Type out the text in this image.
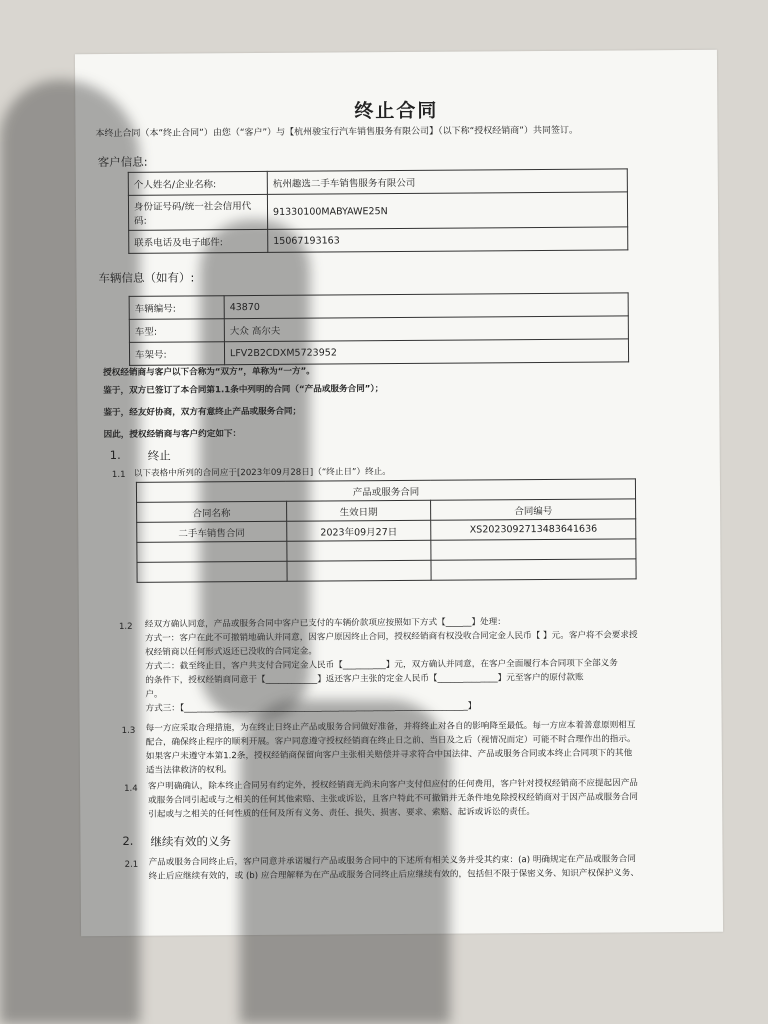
终止合同
本终止合同（本“终止合同”）由您（“客户”）与【杭州骏宝行汽车销售服务有限公司】（以下称“授权经销商”）共同签订。
客户信息:
个人姓名/企业名称:	杭州趣选二手车销售服务有限公司
身份证号码/统一社会信用代码:	91330100MABYAWE25N
联系电话及电子邮件:	15067193163
车辆信息（如有）:
车辆编号:	43870
车型:	大众 高尔夫
车架号:	LFV2B2CDXM5723952
授权经销商与客户以下合称为“双方”，单称为“一方”。
鉴于，双方已签订了本合同第1.1条中列明的合同（“产品或服务合同”）；
鉴于，经友好协商，双方有意终止产品或服务合同；
因此，授权经销商与客户约定如下：
1. 终止
1.1 以下表格中所列的合同应于[2023年09月28日]（“终止日”）终止。
产品或服务合同		
合同名称	生效日期	合同编号
二手车销售合同	2023年09月27日	XS2023092713483641636

1.2 经双方确认同意，产品或服务合同中客户已支付的车辆价款项应按照如下方式【______】处理：
方式一：客户在此不可撤销地确认并同意，因客户原因终止合同，授权经销商有权没收合同定金人民币【 】元。客户将不会要求授
权经销商以任何形式返还已没收的合同定金。
方式二：截至终止日，客户共支付合同定金人民币【__________】元，双方确认并同意，在客户全面履行本合同项下全部义务
的条件下，授权经销商同意于【____________】返还客户主张的定金人民币【______________】元至客户的原付款账
户。
方式三：【__________________________________________________________________】
1.3 每一方应采取合理措施，为在终止日终止产品或服务合同做好准备，并将终止对各自的影响降至最低。每一方应本着善意原则相互
配合，确保终止程序的顺利开展。客户同意遵守授权经销商在终止日之前、当日及之后（视情况而定）可能不时合理作出的指示。
如果客户未遵守本第1.2条，授权经销商保留向客户主张相关赔偿并寻求符合中国法律、产品或服务合同或本终止合同项下的其他
适当法律救济的权利。
1.4 客户明确确认，除本终止合同另有约定外，授权经销商无尚未向客户支付但应付的任何费用，客户针对授权经销商不应提起因产品
或服务合同引起或与之相关的任何其他索赔、主张或诉讼，且客户特此不可撤销并无条件地免除授权经销商对于因产品或服务合同
引起或与之相关的任何性质的任何及所有义务、责任、损失、损害、要求、索赔、起诉或诉讼的责任。
2. 继续有效的义务
2.1 产品或服务合同终止后，客户同意并承诺履行产品或服务合同中的下述所有相关义务并受其约束：(a) 明确规定在产品或服务合同
终止后应继续有效的，或 (b) 应合理解释为在产品或服务合同终止后应继续有效的，包括但不限于保密义务、知识产权保护义务、
